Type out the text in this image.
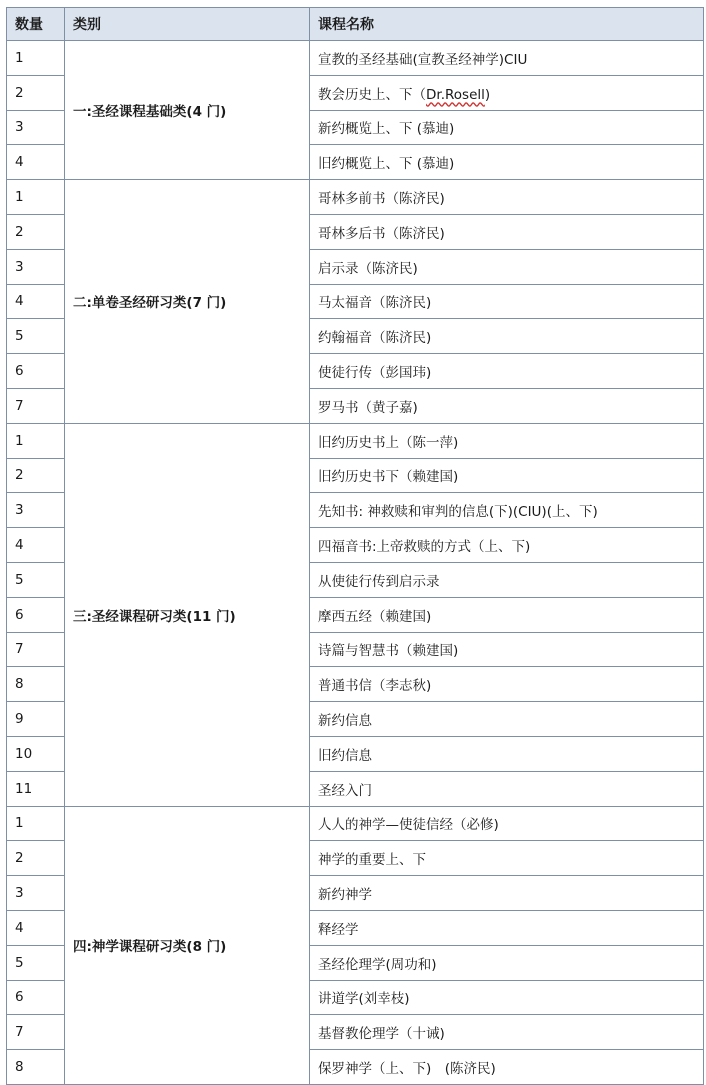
数量	类别	课程名称
1	一:圣经课程基础类(4 门)	宣教的圣经基础(宣教圣经神学)CIU
2		教会历史上、下（Dr.Rosell)
3		新约概览上、下 (慕迪)
4		旧约概览上、下 (慕迪)
1	二:单卷圣经研习类(7 门)	哥林多前书（陈济民)
2		哥林多后书（陈济民)
3		启示录（陈济民)
4		马太福音（陈济民)
5		约翰福音（陈济民)
6		使徒行传（彭国玮)
7		罗马书（黄子嘉)
1	三:圣经课程研习类(11 门)	旧约历史书上（陈一萍)
2		旧约历史书下（赖建国)
3		先知书: 神救赎和审判的信息(下)(CIU)(上、下)
4		四福音书:上帝救赎的方式（上、下)
5		从使徒行传到启示录
6		摩西五经（赖建国)
7		诗篇与智慧书（赖建国)
8		普通书信（李志秋)
9		新约信息
10		旧约信息
11		圣经入门
1	四:神学课程研习类(8 门)	人人的神学—使徒信经（必修)
2		神学的重要上、下
3		新约神学
4		释经学
5		圣经伦理学(周功和)
6		讲道学(刘幸枝)
7		基督教伦理学（十诫)
8		保罗神学（上、下)　(陈济民)
